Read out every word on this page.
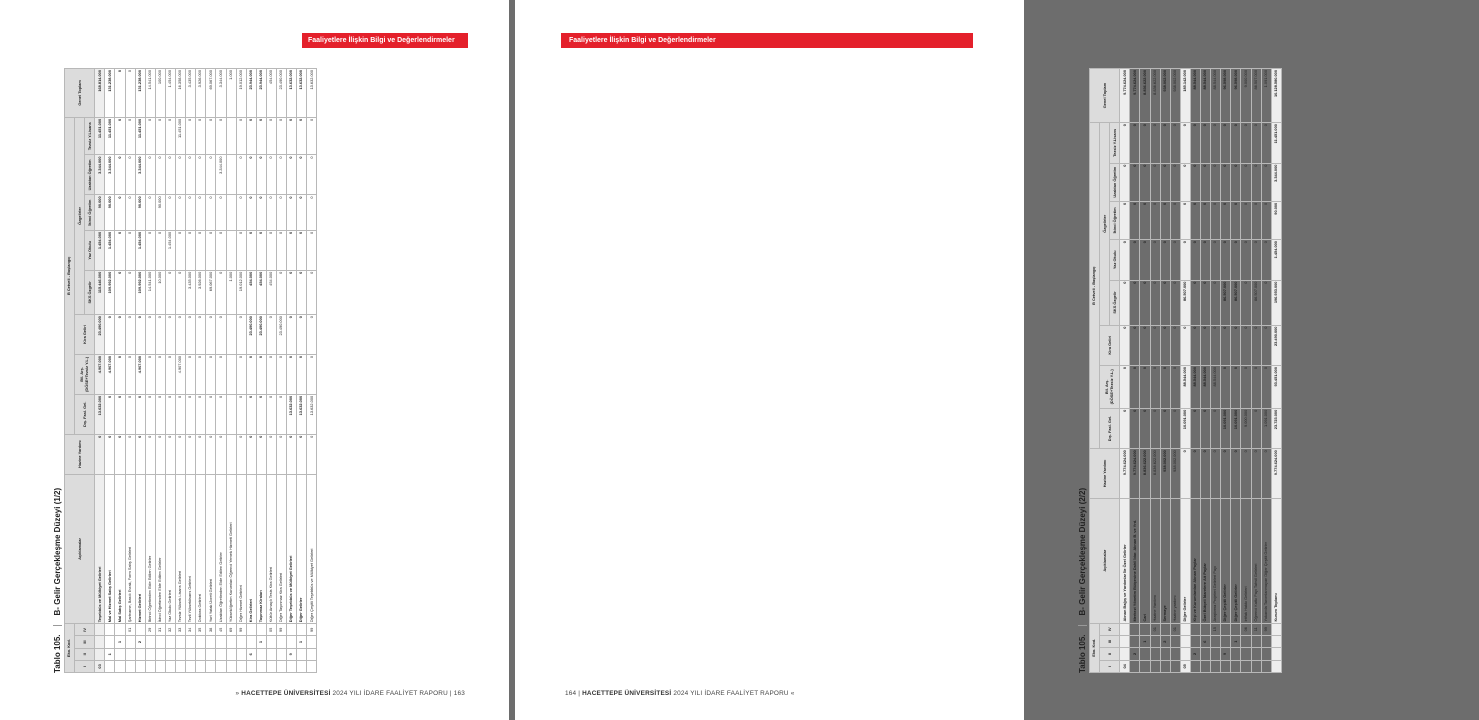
Faaliyetlere İlişkin Bilgi ve Değerlendirmeler
Tablo 105.
B- Gelir Gerçekleşme Düzeyi (1/2)
Eko. Kod.				Açıklamalar	Hazine Yardımı	B Cetveli - Başlangıç								Genel Toplam
I	II	III	IV			Dış. Fasl. Gel.	Bil. Arş. (DÖSE+Tezsiz Y.L.)	Kira Geliri	Özgelirler					
									SKS Özgelir	Yaz Okulu	İkinci Öğretim	Uzaktan Öğretim	Tezsiz Y.Lisans	
03				Teşebbüs ve Mülkiyet Gelirleri	0	13.632.000	4.907.000	23.490.000	115.446.000	1.454.000	90.000	3.344.000	11.451.000	168.814.000
	1			Mal ve Hizmet Satış Gelirleri	0	0	4.907.000	0	109.992.000	1.454.000	90.000	3.344.000	11.451.000	131.238.000
		1		Mal Satış Gelirleri	0	0	0	0	0	0	0	0	0	0
			01	Şartname, Basılı Evrak, Form Satış Gelirleri	0	0	0	0	0	0	0	0	0	0
		2		Hizmet Gelirleri	0	0	4.907.000	0	109.992.000	1.454.000	90.000	3.344.000	11.451.000	131.238.000
			29	Birinci Öğretimden Elde Edilen Gelirler	0	0	0	0	14.541.000	0	0	0	0	14.541.000
			31	İkinci Öğretimden Elde Edilen Gelirler	0	0	0	0	10.000	0	90.000	0	0	100.000
			32	Yaz Okulu Gelirleri	0	0	0	0	0	1.454.000	0	0	0	1.454.000
			33	Tezsiz Yüksek Lisans Gelirleri	0	0	4.907.000	0	0	0	0	0	11.451.000	16.358.000
			34	Tezli Yükseklisans Gelirleri	0	0	0	0	3.435.000	0	0	0	0	3.435.000
			35	Doktora Gelirleri	0	0	0	0	3.926.000	0	0	0	0	3.926.000
			38	Yurt Yatak Ücreti Gelirleri	0	0	0	0	69.067.000	0	0	0	0	69.067.000
			45	Uzaktan Öğretimden Elde Edilen Gelirler	0	0	0	0	0	0	0	3.344.000	0	3.344.000
			69	Yükseköğretim Kurumları Öğrenci Yemek Hizmeti Gelirleri					1.000					1.000
			99	Diğer Hizmet Gelirleri	0	0	0	0	19.012.000	0	0	0	0	19.012.000
	6			Kira Gelirleri	0	0	0	23.490.000	454.000	0	0	0	0	23.944.000
		1		Taşınmaz Kiraları	0	0	0	23.490.000	454.000	0	0	0	0	23.944.000
			05	Kültür Amaçlı Tesis Kira Gelirleri	0	0	0	0	454.000	0	0	0	0	454.000
			99	Diğer Taşınmaz Kira Gelirleri	0	0	0	23.490.000	0	0	0	0	0	23.490.000
	9			Diğer Teşebbüs ve Mülkiyet Gelirleri	0	13.632.000	0	0	0	0	0	0	0	13.632.000
		1		Diğer Gelirler	0	13.632.000	0	0	0	0	0	0	0	13.632.000
			99	Diğer Çeşitli Teşebbüs ve Mülkiyet Gelirleri	0	13.632.000	0	0	0	0	0	0	0	13.632.000
» HACETTEPE ÜNİVERSİTESİ 2024 YILI İDARE FAALİYET RAPORU | 163
Faaliyetlere İlişkin Bilgi ve Değerlendirmeler
Tablo 105.
B- Gelir Gerçekleşme Düzeyi (2/2)
Eko. Kod.				Açıklamalar	Hazine Yardımı	B Cetveli - Başlangıç								Genel Toplam
I	II	III	IV			Dış. Fasl. Gel.	Bil. Arş. (DÖSE+Tezsiz Y.L.)	Kira Geliri	Özgelirler					
									SKS Özgelir	Yaz Okulu	İkinci Öğretim	Uzaktan Öğretim	Tezsiz Y.Lisans	
04				Alınan Bağış ve Yardımlar İle Özel Gelirler	9.774.624.000	0	0	0	0	0	0	0	0	9.774.624.000
	2			Merkezi Yönetim Bütçesine Dahil İdar. Alınan B. ve Yrd.	9.774.624.000	0	0	0	0	0	0	0	0	9.774.624.000
		1		Cari	8.836.622.000	0	0	0	0	0	0	0	0	8.836.622.000
			01	Hazine Yardımı	8.836.622.000	0	0	0	0	0	0	0	0	8.836.622.000
		2		Sermaye	938.002.000	0	0	0	0	0	0	0	0	938.002.000
			01	Hazine yardımı	938.002.000	0	0	0	0	0	0	0	0	938.002.000
05				Diğer Gelirler	0	10.091.000	88.544.000	0	86.507.000	0	0	0	0	185.142.000
	2			Kişi ve Kurumlardan Alınan Paylar	0	0	88.544.000	0	0	0	0	0	0	88.544.000
		6		Özel Bütçeli İdarelere Ait Paylar	0	0	88.544.000	0	0	0	0	0	0	88.544.000
			15	Araştırma Projeleri Gelirleri Payı	0	0	88.544.000	0	0	0	0	0	0	88.544.000
	9			Diğer Çeşitli Gelirler	0	10.091.000	0	0	86.507.000	0	0	0	0	96.598.000
		1		Diğer Çeşitli Gelirler	0	10.091.000	0	0	86.507.000	0	0	0	0	96.598.000
			06	Irtifak Hakkı Gelirleri	0	9.000.000	0	0	0	0	0	0	0	9.000.000
			11	Öğrenci Katkı Payı Tahsil Gelirleri	0	0	0	0	86.507.000	0	0	0	0	86.507.000
			99	Yukarıda Tanımlanmayan Diğer Çeşitli Gelirler	0	1.091.000	0	0	0	0	0	0	0	1.091.000
				Kurum Toplamı	9.774.624.000	23.723.000	93.451.000	23.490.000	196.953.000	1.454.000	90.000	3.344.000	11.451.000	10.128.580.000
164 | HACETTEPE ÜNİVERSİTESİ 2024 YILI İDARE FAALİYET RAPORU «
